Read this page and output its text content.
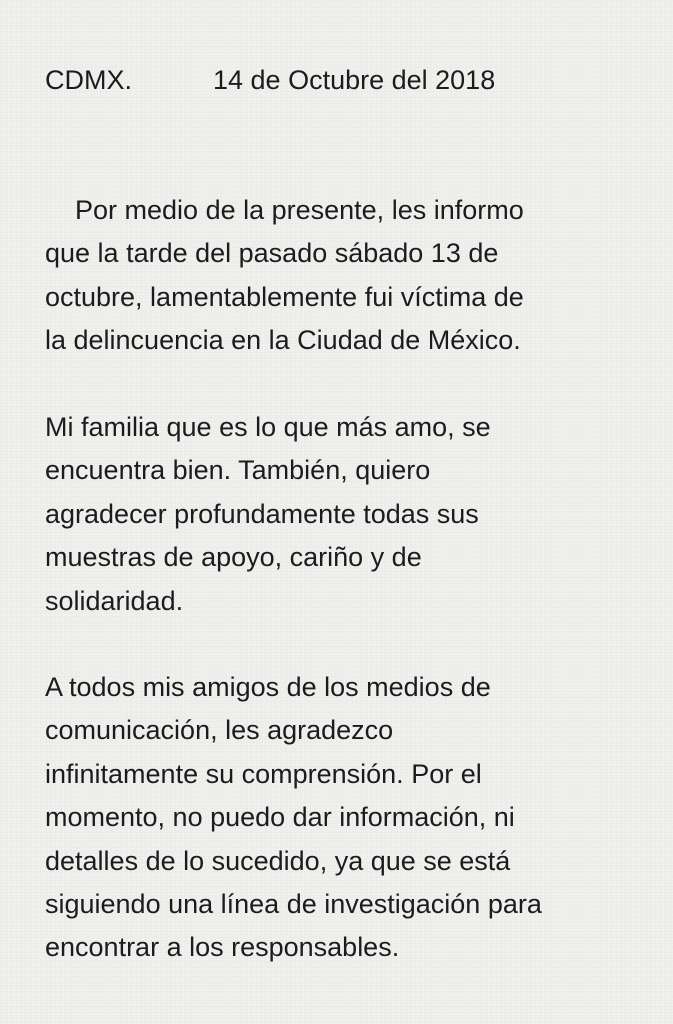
CDMX.	14 de Octubre del 2018

Por medio de la presente, les informo
que la tarde del pasado sábado 13 de
octubre, lamentablemente fui víctima de
la delincuencia en la Ciudad de México.

Mi familia que es lo que más amo, se
encuentra bien. También, quiero
agradecer profundamente todas sus
muestras de apoyo, cariño y de
solidaridad.

A todos mis amigos de los medios de
comunicación, les agradezco
infinitamente su comprensión. Por el
momento, no puedo dar información, ni
detalles de lo sucedido, ya que se está
siguiendo una línea de investigación para
encontrar a los responsables.
